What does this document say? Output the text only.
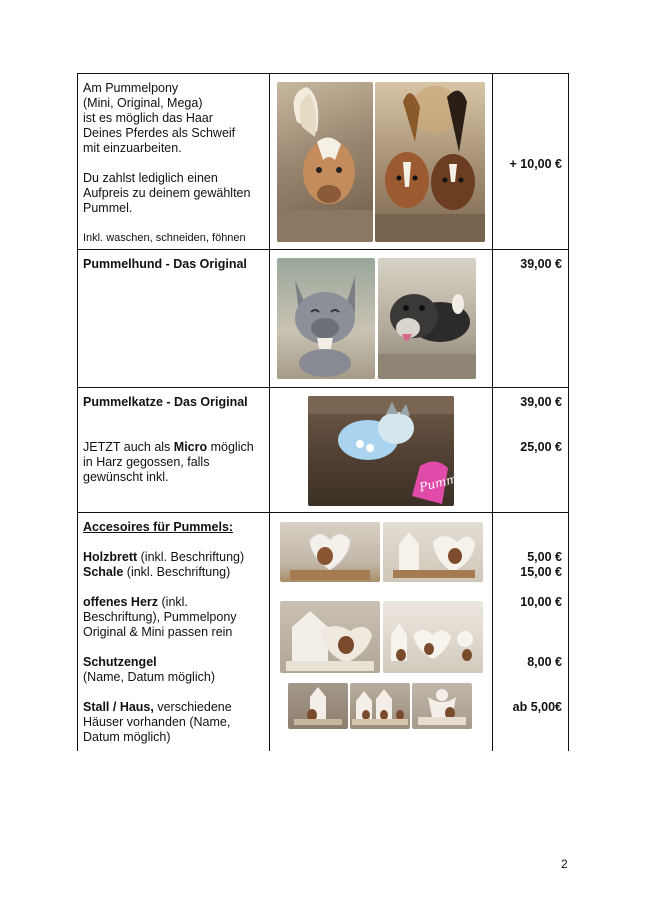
Am Pummelpony
(Mini, Original, Mega)
ist es möglich das Haar
Deines Pferdes als Schweif
mit einzuarbeiten.
Du zahlst lediglich einen
Aufpreis zu deinem gewählten
Pummel.
Inkl. waschen, schneiden, föhnen
+ 10,00 €
Pummelhund - Das Original	39,00 €
Pummelkatze - Das Original	39,00 €
JETZT auch als Micro möglich
in Harz gegossen, falls
gewünscht inkl.
25,00 €
Pummels
Accesoires für Pummels:
Holzbrett (inkl. Beschriftung)
Schale (inkl. Beschriftung)
offenes Herz (inkl.
Beschriftung), Pummelpony
Original & Mini passen rein
Schutzengel
(Name, Datum möglich)
Stall / Haus, verschiedene
Häuser vorhanden (Name,
Datum möglich)
5,00 €
15,00 €
10,00 €
8,00 €
ab 5,00€
2
